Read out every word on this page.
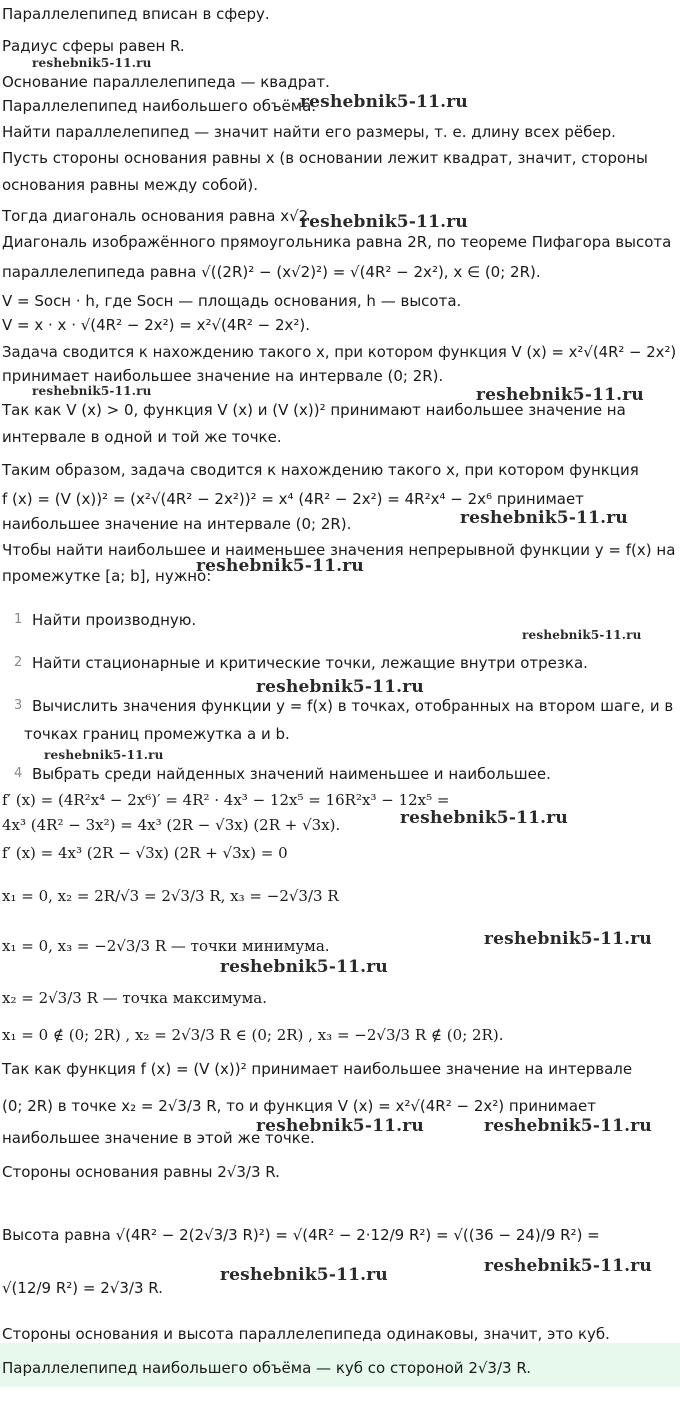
Параллелепипед вписан в сферу.
Радиус сферы равен R.
Основание параллелепипеда — квадрат.
Параллелепипед наибольшего объёма.
Найти параллелепипед — значит найти его размеры, т. е. длину всех рёбер.
Пусть стороны основания равны x (в основании лежит квадрат, значит, стороны
основания равны между собой).
Тогда диагональ основания равна x√2
Диагональ изображённого прямоугольника равна 2R, по теореме Пифагора высота
параллелепипеда равна √((2R)² − (x√2)²) = √(4R² − 2x²), x ∈ (0; 2R).
V = Sосн · h, где Sосн — площадь основания, h — высота.
V = x · x · √(4R² − 2x²) = x²√(4R² − 2x²).
Задача сводится к нахождению такого x, при котором функция V (x) = x²√(4R² − 2x²)
принимает наибольшее значение на интервале (0; 2R).
Так как V (x) > 0, функция V (x) и (V (x))² принимают наибольшее значение на
интервале в одной и той же точке.
Таким образом, задача сводится к нахождению такого x, при котором функция
f (x) = (V (x))² = (x²√(4R² − 2x²))² = x⁴ (4R² − 2x²) = 4R²x⁴ − 2x⁶ принимает
наибольшее значение на интервале (0; 2R).
Чтобы найти наибольшее и наименьшее значения непрерывной функции y = f(x) на
промежутке [a; b], нужно:
1 Найти производную.
2 Найти стационарные и критические точки, лежащие внутри отрезка.
3 Вычислить значения функции y = f(x) в точках, отобранных на втором шаге, и в
точках границ промежутка a и b.
4 Выбрать среди найденных значений наименьшее и наибольшее.
f′ (x) = (4R²x⁴ − 2x⁶)′ = 4R² · 4x³ − 12x⁵ = 16R²x³ − 12x⁵ =
4x³ (4R² − 3x²) = 4x³ (2R − √3x) (2R + √3x).
f′ (x) = 4x³ (2R − √3x) (2R + √3x) = 0
x₁ = 0, x₂ = 2R/√3 = 2√3/3 R, x₃ = −2√3/3 R
x₁ = 0, x₃ = −2√3/3 R — точки минимума.
x₂ = 2√3/3 R — точка максимума.
x₁ = 0 ∉ (0; 2R) , x₂ = 2√3/3 R ∈ (0; 2R) , x₃ = −2√3/3 R ∉ (0; 2R).
Так как функция f (x) = (V (x))² принимает наибольшее значение на интервале
(0; 2R) в точке x₂ = 2√3/3 R, то и функция V (x) = x²√(4R² − 2x²) принимает
наибольшее значение в этой же точке.
Стороны основания равны 2√3/3 R.
Высота равна √(4R² − 2(2√3/3 R)²) = √(4R² − 2·12/9 R²) = √((36 − 24)/9 R²) =
√(12/9 R²) = 2√3/3 R.
Стороны основания и высота параллелепипеда одинаковы, значит, это куб.
Параллелепипед наибольшего объёма — куб со стороной 2√3/3 R.
reshebnik5-11.ru
reshebnik5-11.ru
reshebnik5-11.ru
reshebnik5-11.ru	reshebnik5-11.ru
reshebnik5-11.ru
reshebnik5-11.ru
reshebnik5-11.ru
reshebnik5-11.ru
reshebnik5-11.ru
reshebnik5-11.ru
reshebnik5-11.ru
reshebnik5-11.ru
reshebnik5-11.ru	reshebnik5-11.ru
reshebnik5-11.ru
reshebnik5-11.ru
